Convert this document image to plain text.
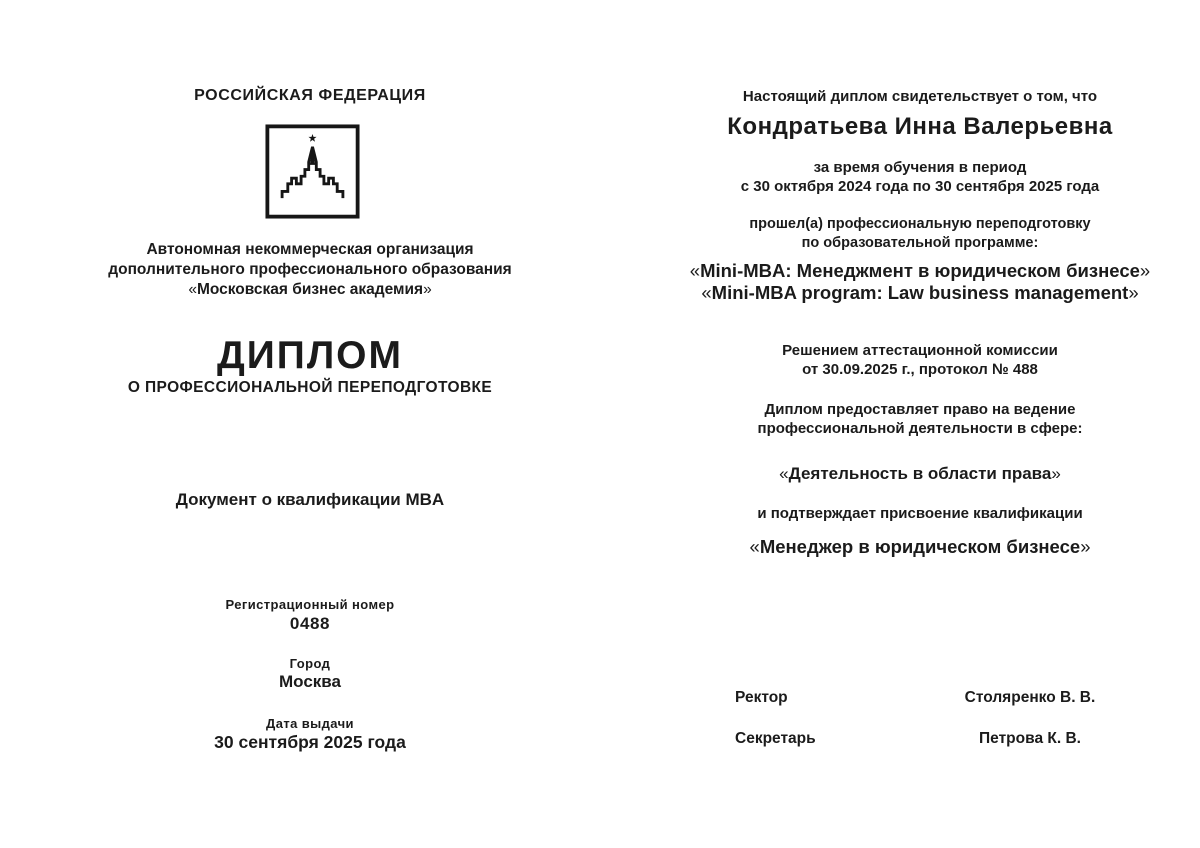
РОССИЙСКАЯ ФЕДЕРАЦИЯ
Автономная некоммерческая организация
дополнительного профессионального образования
«Московская бизнес академия»
ДИПЛОМ
О ПРОФЕССИОНАЛЬНОЙ ПЕРЕПОДГОТОВКЕ
Документ о квалификации MBA
Регистрационный номер
0488
Город
Москва
Дата выдачи
30 сентября 2025 года
Настоящий диплом свидетельствует о том, что
Кондратьева Инна Валерьевна
за время обучения в период
с 30 октября 2024 года по 30 сентября 2025 года
прошел(а) профессиональную переподготовку
по образовательной программе:
«Mini-MBA: Менеджмент в юридическом бизнесе»
«Mini-MBA program: Law business management»
Решением аттестационной комиссии
от 30.09.2025 г., протокол № 488
Диплом предоставляет право на ведение
профессиональной деятельности в сфере:
«Деятельность в области права»
и подтверждает присвоение квалификации
«Менеджер в юридическом бизнесе»
Ректор	Столяренко В. В.
Секретарь	Петрова К. В.
